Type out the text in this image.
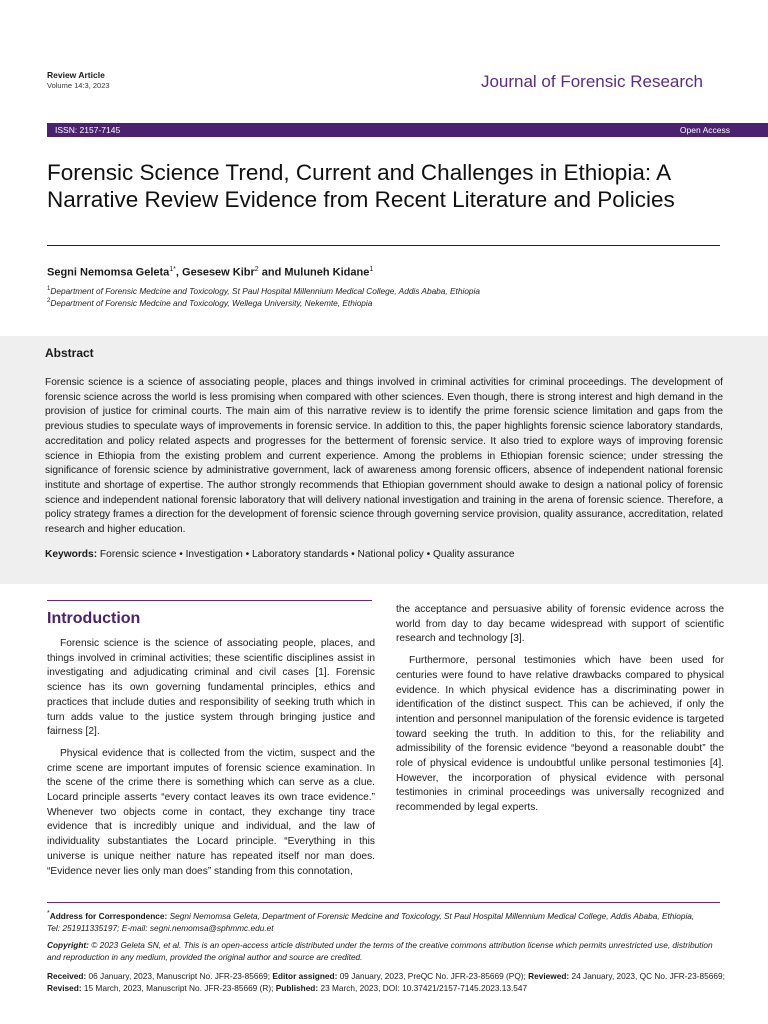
Review Article
Volume 14:3, 2023	Journal of Forensic Research
ISSN: 2157-7145	Open Access
Forensic Science Trend, Current and Challenges in Ethiopia: A Narrative Review Evidence from Recent Literature and Policies
Segni Nemomsa Geleta$^{1*}$, Gesesew Kibr$^2$ and Muluneh Kidane$^1$
$^1$Department of Forensic Medcine and Toxicology, St Paul Hospital Millennium Medical College, Addis Ababa, Ethiopia
$^2$Department of Forensic Medcine and Toxicology, Wellega University, Nekemte, Ethiopia
Abstract

Forensic science is a science of associating people, places and things involved in criminal activities for criminal proceedings. The development of forensic science across the world is less promising when compared with other sciences. Even though, there is strong interest and high demand in the provision of justice for criminal courts. The main aim of this narrative review is to identify the prime forensic science limitation and gaps from the previous studies to speculate ways of improvements in forensic service. In addition to this, the paper highlights forensic science laboratory standards, accreditation and policy related aspects and progresses for the betterment of forensic service. It also tried to explore ways of improving forensic science in Ethiopia from the existing problem and current experience. Among the problems in Ethiopian forensic science; under stressing the significance of forensic science by administrative government, lack of awareness among forensic officers, absence of independent national forensic institute and shortage of expertise. The author strongly recommends that Ethiopian government should awake to design a national policy of forensic science and independent national forensic laboratory that will delivery national investigation and training in the arena of forensic science. Therefore, a policy strategy frames a direction for the development of forensic science through governing service provision, quality assurance, accreditation, related research and higher education.

Keywords: Forensic science • Investigation • Laboratory standards • National policy • Quality assurance
Introduction

Forensic science is the science of associating people, places, and things involved in criminal activities; these scientific disciplines assist in investigating and adjudicating criminal and civil cases [1]. Forensic science has its own governing fundamental principles, ethics and practices that include duties and responsibility of seeking truth which in turn adds value to the justice system through bringing justice and fairness [2].

Physical evidence that is collected from the victim, suspect and the crime scene are important imputes of forensic science examination. In the scene of the crime there is something which can serve as a clue. Locard principle asserts “every contact leaves its own trace evidence.” Whenever two objects come in contact, they exchange tiny trace evidence that is incredibly unique and individual, and the law of individuality substantiates the Locard principle. “Everything in this universe is unique neither nature has repeated itself nor man does. “Evidence never lies only man does” standing from this connotation,

the acceptance and persuasive ability of forensic evidence across the world from day to day became widespread with support of scientific research and technology [3].

Furthermore, personal testimonies which have been used for centuries were found to have relative drawbacks compared to physical evidence. In which physical evidence has a discriminating power in identification of the distinct suspect. This can be achieved, if only the intention and personnel manipulation of the forensic evidence is targeted toward seeking the truth. In addition to this, for the reliability and admissibility of the forensic evidence “beyond a reasonable doubt” the role of physical evidence is undoubtful unlike personal testimonies [4]. However, the incorporation of physical evidence with personal testimonies in criminal proceedings was universally recognized and recommended by legal experts.

*Address for Correspondence: Segni Nemomsa Geleta, Department of Forensic Medcine and Toxicology, St Paul Hospital Millennium Medical College, Addis Ababa, Ethiopia, Tel: 251911335197; E-mail: segni.nemomsa@sphmmc.edu.et
Copyright: © 2023 Geleta SN, et al. This is an open-access article distributed under the terms of the creative commons attribution license which permits unrestricted use, distribution and reproduction in any medium, provided the original author and source are credited.
Received: 06 January, 2023, Manuscript No. JFR-23-85669; Editor assigned: 09 January, 2023, PreQC No. JFR-23-85669 (PQ); Reviewed: 24 January, 2023, QC No. JFR-23-85669; Revised: 15 March, 2023, Manuscript No. JFR-23-85669 (R); Published: 23 March, 2023, DOI: 10.37421/2157-7145.2023.13.547
